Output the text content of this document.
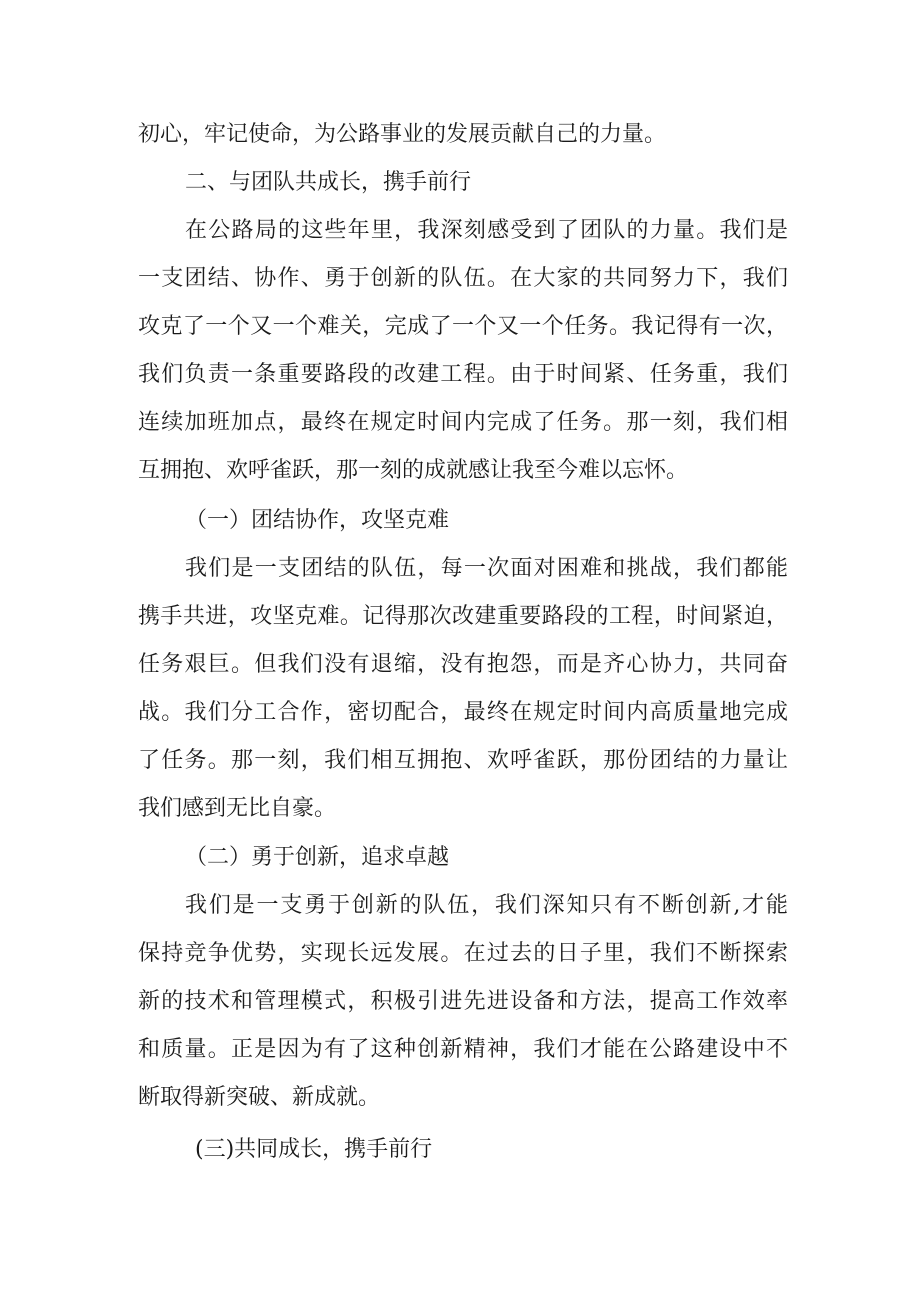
初心，牢记使命，为公路事业的发展贡献自己的力量。
二、与团队共成长，携手前行
在公路局的这些年里，我深刻感受到了团队的力量。我们是
一支团结、协作、勇于创新的队伍。在大家的共同努力下，我们
攻克了一个又一个难关，完成了一个又一个任务。我记得有一次，
我们负责一条重要路段的改建工程。由于时间紧、任务重，我们
连续加班加点，最终在规定时间内完成了任务。那一刻，我们相
互拥抱、欢呼雀跃，那一刻的成就感让我至今难以忘怀。
（一）团结协作，攻坚克难
我们是一支团结的队伍，每一次面对困难和挑战，我们都能
携手共进，攻坚克难。记得那次改建重要路段的工程，时间紧迫，
任务艰巨。但我们没有退缩，没有抱怨，而是齐心协力，共同奋
战。我们分工合作，密切配合，最终在规定时间内高质量地完成
了任务。那一刻，我们相互拥抱、欢呼雀跃，那份团结的力量让
我们感到无比自豪。
（二）勇于创新，追求卓越
我们是一支勇于创新的队伍，我们深知只有不断创新,才能
保持竞争优势，实现长远发展。在过去的日子里，我们不断探索
新的技术和管理模式，积极引进先进设备和方法，提高工作效率
和质量。正是因为有了这种创新精神，我们才能在公路建设中不
断取得新突破、新成就。
(三)共同成长，携手前行
